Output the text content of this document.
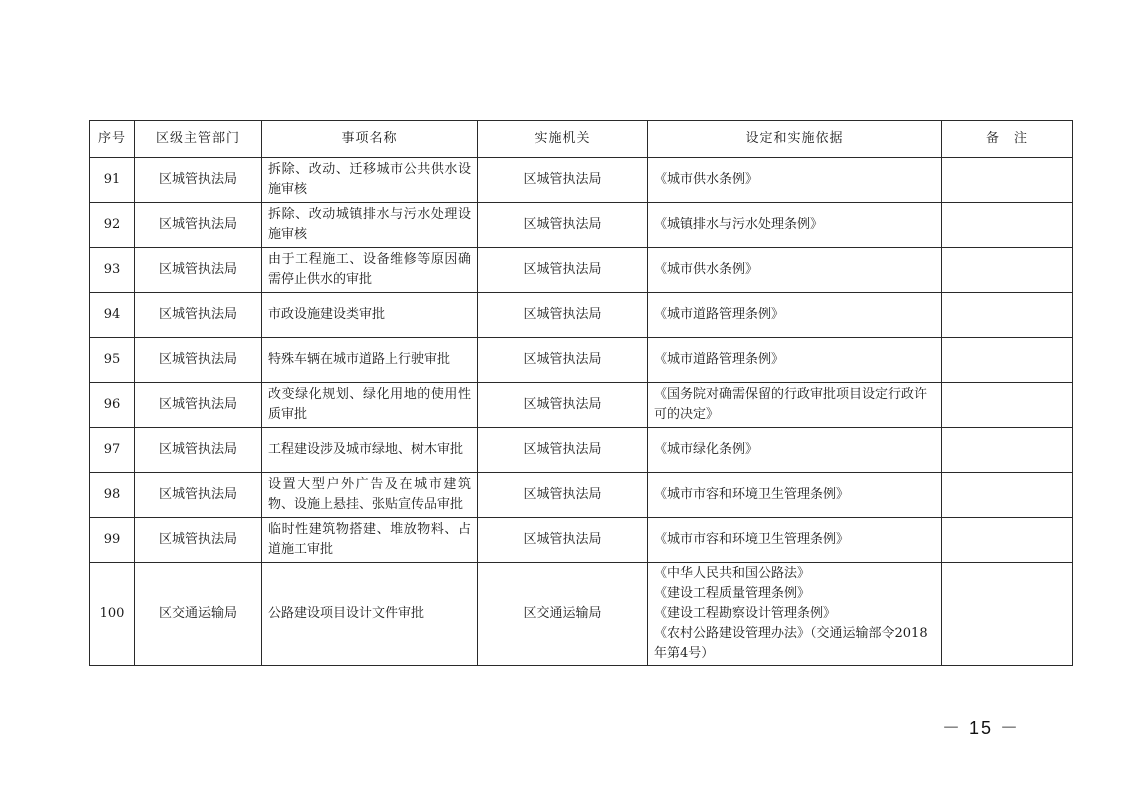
序号	区级主管部门	事项名称	实施机关	设定和实施依据	备　注
91	区城管执法局	拆除、改动、迁移城市公共供水设施审核	区城管执法局	《城市供水条例》	

92	区城管执法局	拆除、改动城镇排水与污水处理设施审核	区城管执法局	《城镇排水与污水处理条例》	

93	区城管执法局	由于工程施工、设备维修等原因确需停止供水的审批	区城管执法局	《城市供水条例》	

94	区城管执法局	市政设施建设类审批	区城管执法局	《城市道路管理条例》	

95	区城管执法局	特殊车辆在城市道路上行驶审批	区城管执法局	《城市道路管理条例》	

96	区城管执法局	改变绿化规划、绿化用地的使用性质审批	区城管执法局	《国务院对确需保留的行政审批项目设定行政许可的决定》	

97	区城管执法局	工程建设涉及城市绿地、树木审批	区城管执法局	《城市绿化条例》	

98	区城管执法局	设置大型户外广告及在城市建筑物、设施上悬挂、张贴宣传品审批	区城管执法局	《城市市容和环境卫生管理条例》	

99	区城管执法局	临时性建筑物搭建、堆放物料、占道施工审批	区城管执法局	《城市市容和环境卫生管理条例》	

100	区交通运输局	公路建设项目设计文件审批	区交通运输局	《中华人民共和国公路法》
《建设工程质量管理条例》
《建设工程勘察设计管理条例》
《农村公路建设管理办法》（交通运输部令2018年第4号）	

－ 15 －
